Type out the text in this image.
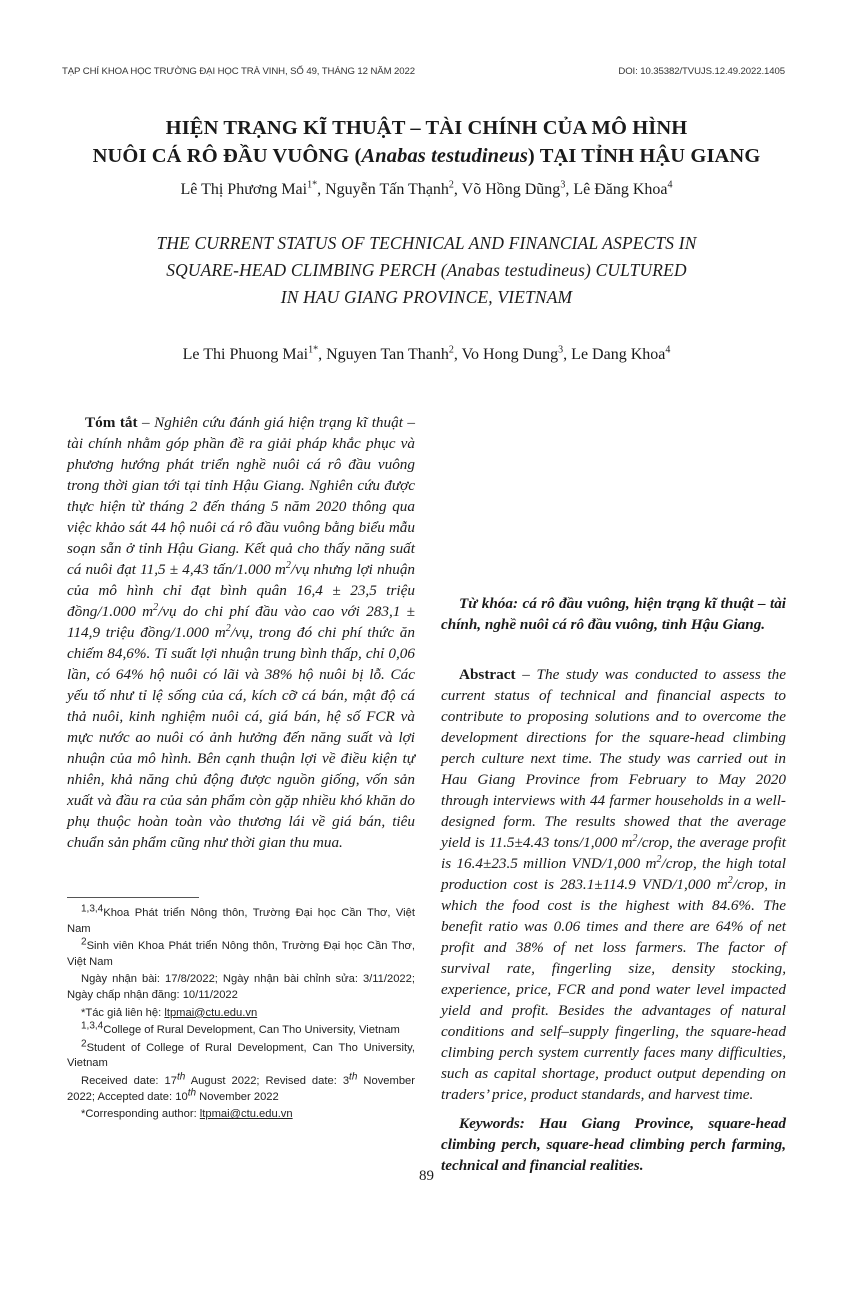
TẠP CHÍ KHOA HỌC TRƯỜNG ĐẠI HỌC TRÀ VINH, SỐ 49, THÁNG 12 NĂM 2022	DOI: 10.35382/TVUJS.12.49.2022.1405
HIỆN TRẠNG KĨ THUẬT – TÀI CHÍNH CỦA MÔ HÌNH
NUÔI CÁ RÔ ĐẦU VUÔNG (Anabas testudineus) TẠI TỈNH HẬU GIANG
Lê Thị Phương Mai$^{1*}$, Nguyễn Tấn Thạnh$^2$, Võ Hồng Dũng$^3$, Lê Đăng Khoa$^4$
THE CURRENT STATUS OF TECHNICAL AND FINANCIAL ASPECTS IN
SQUARE-HEAD CLIMBING PERCH (Anabas testudineus) CULTURED
IN HAU GIANG PROVINCE, VIETNAM
Le Thi Phuong Mai$^{1*}$, Nguyen Tan Thanh$^2$, Vo Hong Dung$^3$, Le Dang Khoa$^4$

Tóm tắt – Nghiên cứu đánh giá hiện trạng kĩ thuật – tài chính nhằm góp phần đề ra giải pháp khắc phục và phương hướng phát triển nghề nuôi cá rô đầu vuông trong thời gian tới tại tỉnh Hậu Giang. Nghiên cứu được thực hiện từ tháng 2 đến tháng 5 năm 2020 thông qua việc khảo sát 44 hộ nuôi cá rô đầu vuông bằng biểu mẫu soạn sẵn ở tỉnh Hậu Giang. Kết quả cho thấy năng suất cá nuôi đạt 11,5 ± 4,43 tấn/1.000 $m^2/vụ$ nhưng lợi nhuận của mô hình chỉ đạt bình quân 16,4 ± 23,5 triệu đồng/1.000 $m^2/vụ$ do chi phí đầu vào cao với 283,1 ± 114,9 triệu đồng/1.000 $m^2/vụ$, trong đó chi phí thức ăn chiếm 84,6%. Tỉ suất lợi nhuận trung bình thấp, chỉ 0,06 lần, có 64% hộ nuôi có lãi và 38% hộ nuôi bị lỗ. Các yếu tố như tỉ lệ sống của cá, kích cỡ cá bán, mật độ cá thả nuôi, kinh nghiệm nuôi cá, giá bán, hệ số FCR và mực nước ao nuôi có ảnh hưởng đến năng suất và lợi nhuận của mô hình. Bên cạnh thuận lợi về điều kiện tự nhiên, khả năng chủ động được nguồn giống, vốn sản xuất và đầu ra của sản phẩm còn gặp nhiều khó khăn do phụ thuộc hoàn toàn vào thương lái về giá bán, tiêu chuẩn sản phẩm cũng như thời gian thu mua.

Từ khóa: cá rô đầu vuông, hiện trạng kĩ thuật – tài chính, nghề nuôi cá rô đầu vuông, tỉnh Hậu Giang.

Abstract – The study was conducted to assess the current status of technical and financial aspects to contribute to proposing solutions and to overcome the development directions for the square-head climbing perch culture next time. The study was carried out in Hau Giang Province from February to May 2020 through interviews with 44 farmer households in a well-designed form. The results showed that the average yield is 11.5±4.43 tons/1,000 $m^2$/crop, the average profit is 16.4±23.5 million VND/1,000 $m^2$/crop, the high total production cost is 283.1±114.9 VND/1,000 $m^2$/crop, in which the food cost is the highest with 84.6%. The benefit ratio was 0.06 times and there are 64% of net profit and 38% of net loss farmers. The factor of survival rate, fingerling size, density stocking, experience, price, FCR and pond water level impacted yield and profit. Besides the advantages of natural conditions and self–supply fingerling, the square-head climbing perch system currently faces many difficulties, such as capital shortage, product output depending on traders’ price, product standards, and harvest time.

Keywords: Hau Giang Province, square-head climbing perch, square-head climbing perch farming, technical and financial realities.

$^{1,3,4}$Khoa Phát triển Nông thôn, Trường Đại học Cần Thơ, Việt Nam
$^2$Sinh viên Khoa Phát triển Nông thôn, Trường Đại học Cần Thơ, Việt Nam
Ngày nhận bài: 17/8/2022; Ngày nhận bài chỉnh sửa: 3/11/2022; Ngày chấp nhận đăng: 10/11/2022
*Tác giả liên hệ: ltpmai@ctu.edu.vn
$^{1,3,4}$College of Rural Development, Can Tho University, Vietnam
$^2$Student of College of Rural Development, Can Tho University, Vietnam
Received date: 17th August 2022; Revised date: 3th November 2022; Accepted date: 10th November 2022
*Corresponding author: ltpmai@ctu.edu.vn
89
